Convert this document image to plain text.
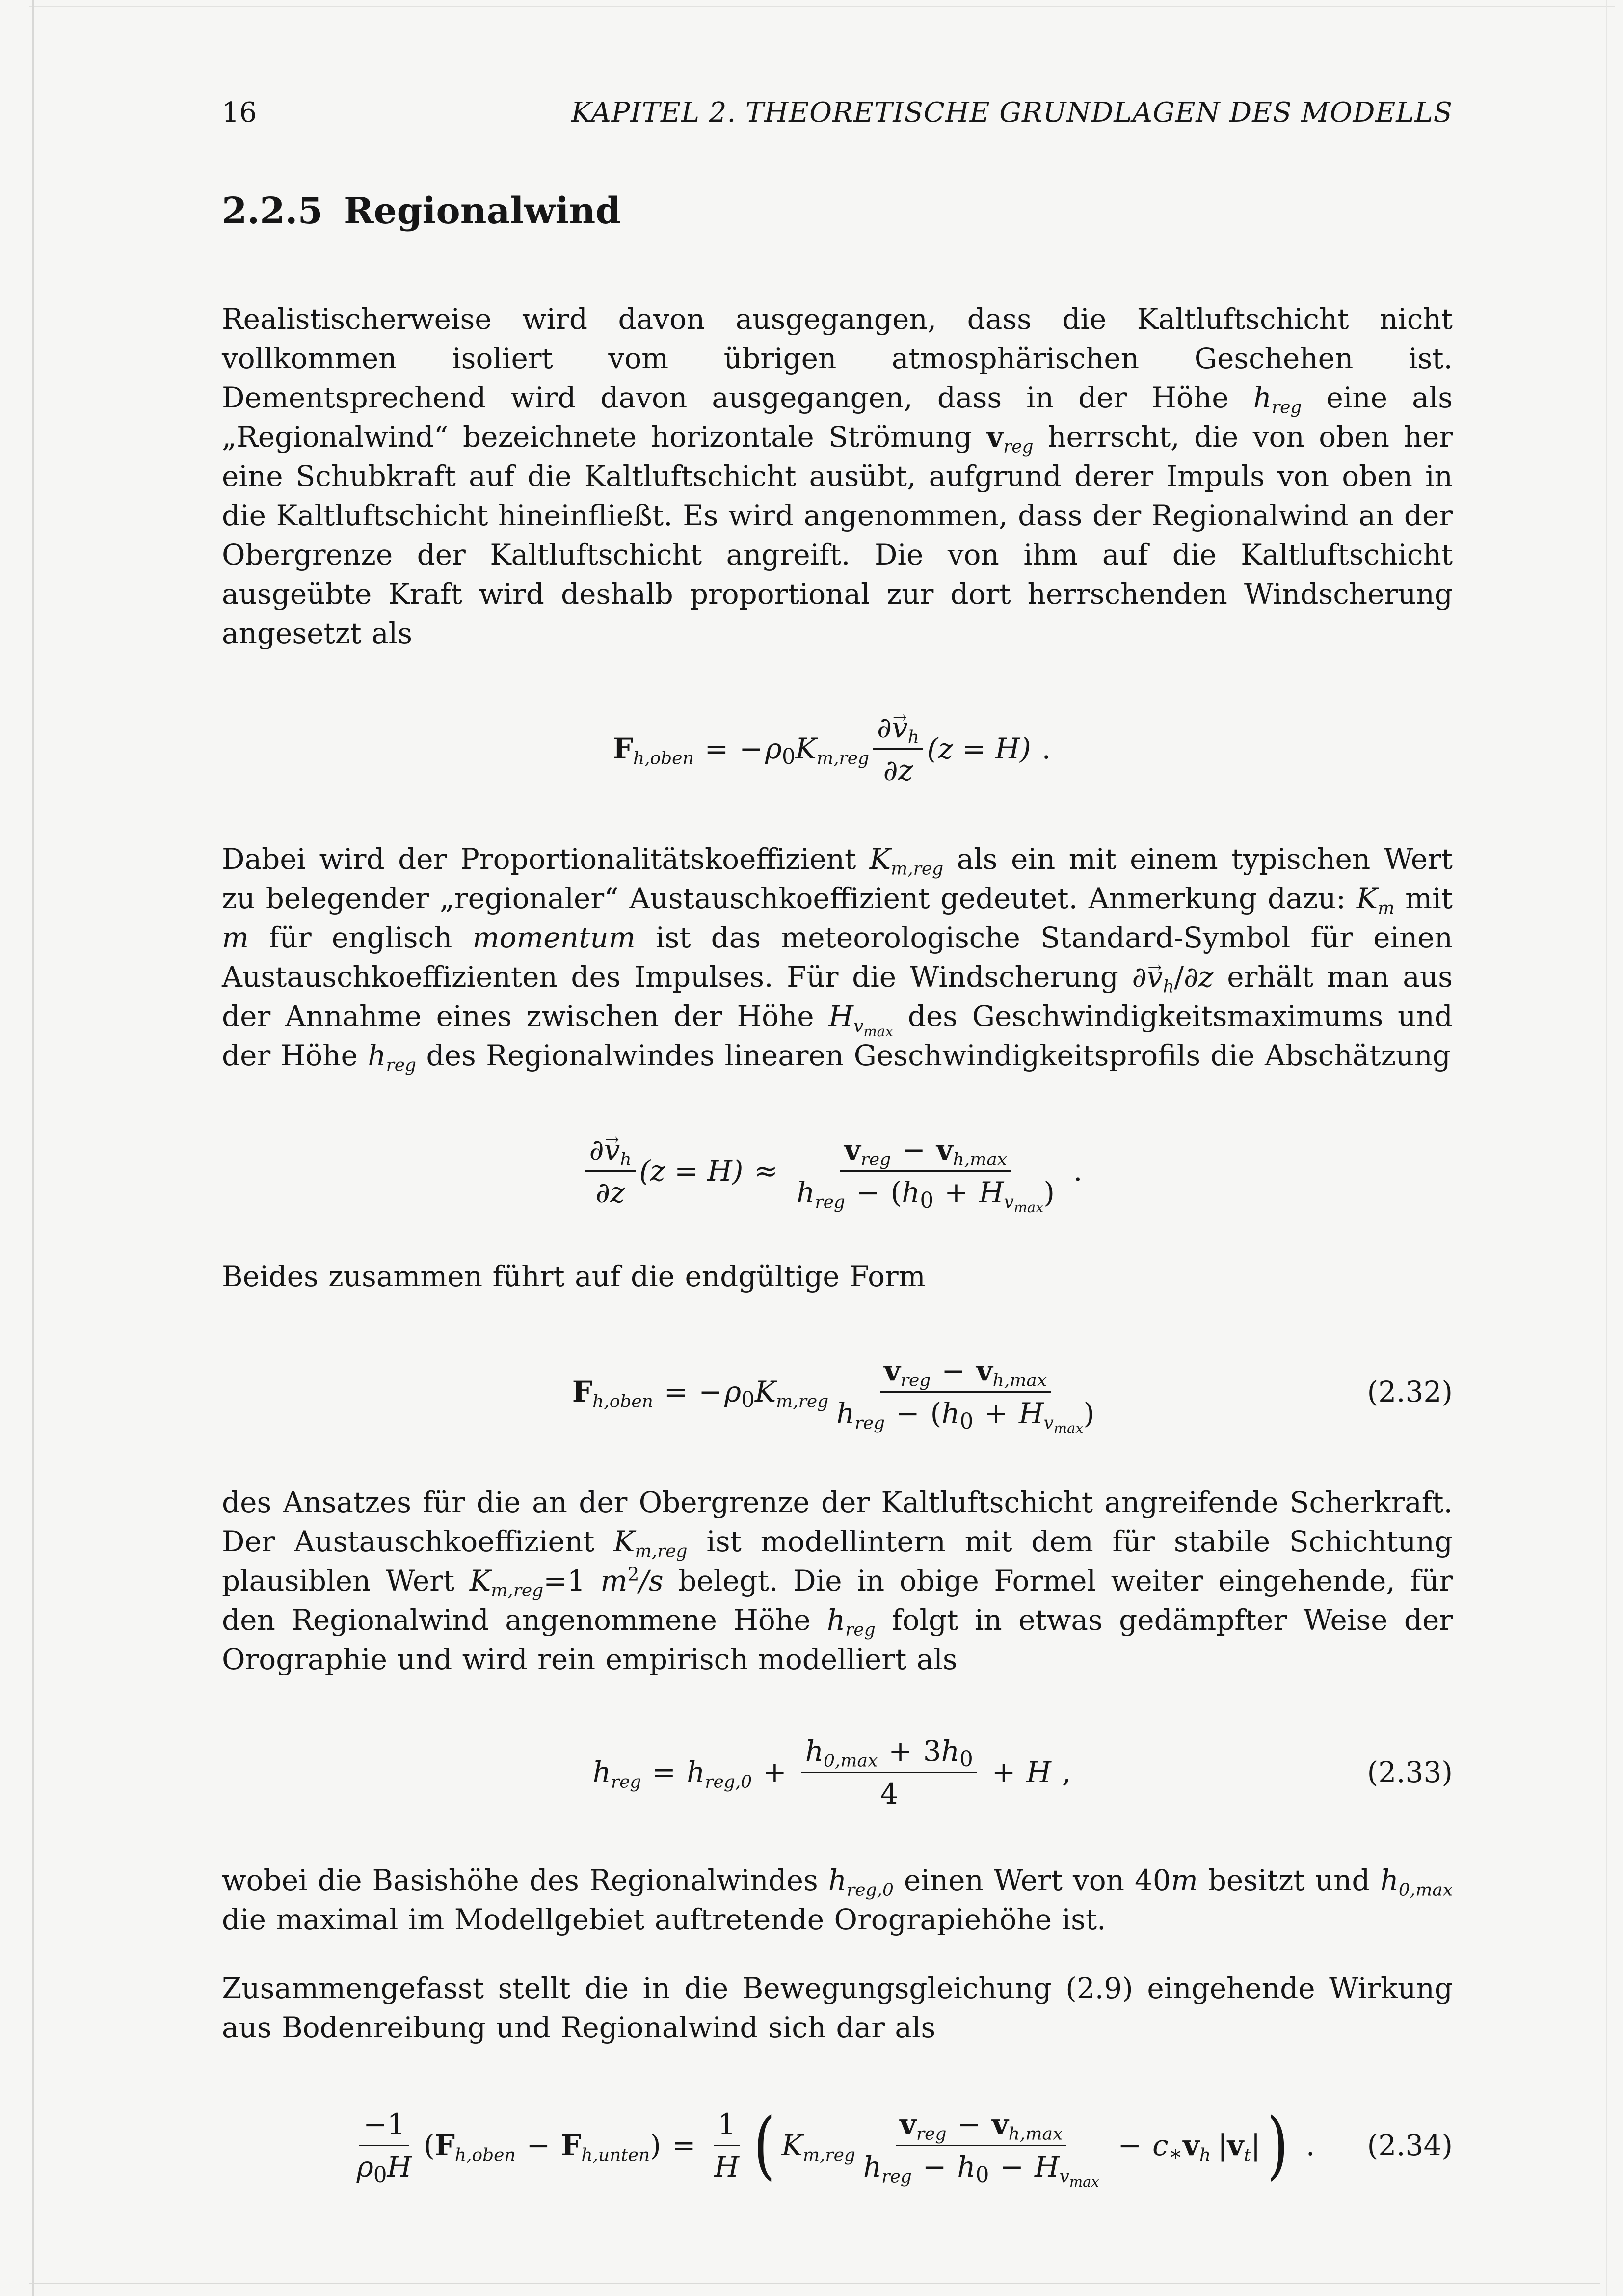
16	KAPITEL 2. THEORETISCHE GRUNDLAGEN DES MODELLS
2.2.5 Regionalwind

Realistischerweise wird davon ausgegangen, dass die Kaltluftschicht nicht vollkommen isoliert vom übrigen atmosphärischen Geschehen ist. Dementsprechend wird davon ausgegangen, dass in der Höhe $h_{reg}$ eine als „Regionalwind“ bezeichnete horizontale Strömung $v_{reg}$ herrscht, die von oben her eine Schubkraft auf die Kaltluftschicht ausübt, aufgrund derer Impuls von oben in die Kaltluftschicht hineinfließt. Es wird angenommen, dass der Regionalwind an der Obergrenze der Kaltluftschicht angreift. Die von ihm auf die Kaltluftschicht ausgeübte Kraft wird deshalb proportional zur dort herrschenden Windscherung angesetzt als

$F_{h,oben}$ = − $\rho_0K_{m,reg} \frac{\partial\to v_h}{\partial z} (z = H)$ .

Dabei wird der Proportionalitätskoeffizient $K_{m,reg}$ als ein mit einem typischen Wert zu belegender „regionaler“ Austauschkoeffizient gedeutet. Anmerkung dazu: $K_m$ mit m für englisch momentum ist das meteorologische Standard-Symbol für einen Austauschkoeffizienten des Impulses. Für die Windscherung ∂→ $v_h/\partial z$ erhält man aus der Annahme eines zwischen der Höhe $H_{v_{max}}$ des Geschwindigkeitsmaximums und der Höhe $h_{reg}$ des Regionalwindes linearen Geschwindigkeitsprofils die Abschätzung

$\frac{\partial\to v_h}{\partial z} (z = H) \approx \frac{v_{reg} - v_{h,max}}{h_{reg} - (h_0 + H_{v_{max}})}$ .

Beides zusammen führt auf die endgültige Form

$F_{h,oben}$ = − $\rho_0K_{m,reg} \frac{v_{reg} - v_{h,max}}{h_{reg} - (h_0 + H_{v_{max}})}$	(2.32)

des Ansatzes für die an der Obergrenze der Kaltluftschicht angreifende Scherkraft. Der Austauschkoeffizient $K_{m,reg}$ ist modellintern mit dem für stabile Schichtung plausiblen Wert $K_{m,reg}=1$ $m^2/s$ belegt. Die in obige Formel weiter eingehende, für den Regionalwind angenommene Höhe $h_{reg}$ folgt in etwas gedämpfter Weise der Orographie und wird rein empirisch modelliert als

$h_{reg} = h_{reg,0} + \frac{h_{0,max} + 3h_0}{4} + H$ ,	(2.33)

wobei die Basishöhe des Regionalwindes $h_{reg,0}$ einen Wert von 40m besitzt und $h_{0,max}$ die maximal im Modellgebiet auftretende Orograpiehöhe ist.

Zusammengefasst stellt die in die Bewegungsgleichung (2.9) eingehende Wirkung aus Bodenreibung und Regionalwind sich dar als

$\frac{-1}{\rho_0H} (F_{h,oben} - F_{h,unten}) = \frac{1}{H}$ ( $K_{m,reg} \frac{v_{reg} - v_{h,max}}{h_{reg} - h_0 - H_{v_{max}}} - c_∗v_h$ $|v_t|$ ) . (2.34)
